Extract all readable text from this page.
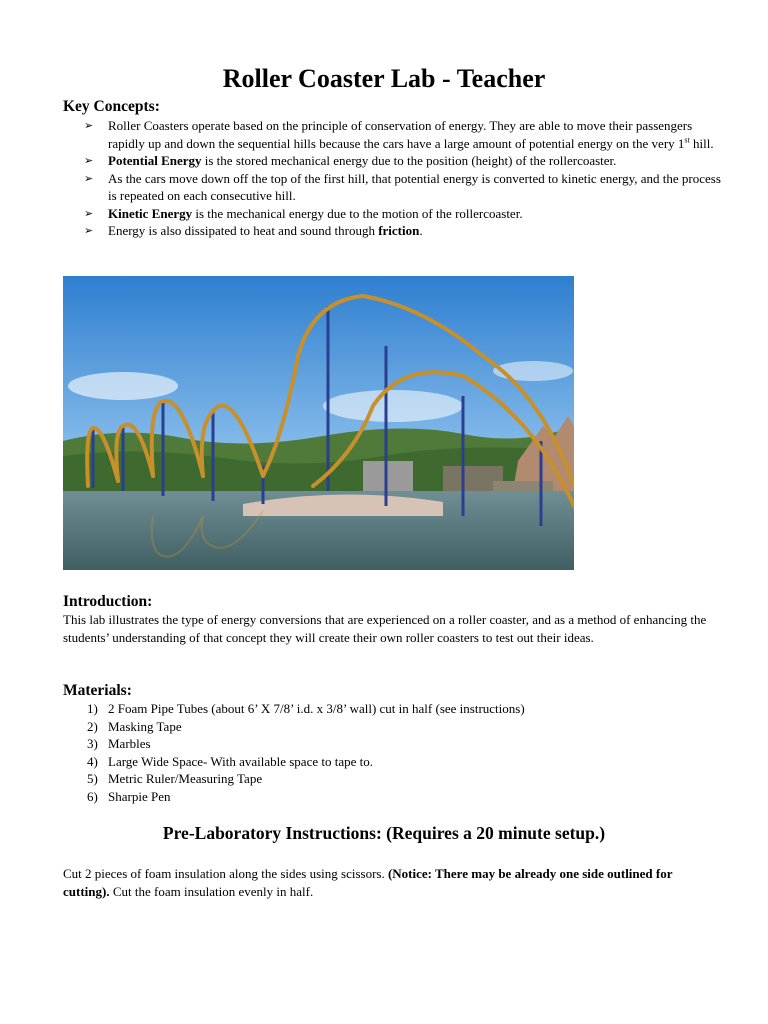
Roller Coaster Lab - Teacher
Key Concepts:
➢ Roller Coasters operate based on the principle of conservation of energy. They are able to move their passengers rapidly up and down the sequential hills because the cars have a large amount of potential energy on the very 1st hill.
➢ Potential Energy is the stored mechanical energy due to the position (height) of the rollercoaster.
➢ As the cars move down off the top of the first hill, that potential energy is converted to kinetic energy, and the process is repeated on each consecutive hill.
➢ Kinetic Energy is the mechanical energy due to the motion of the rollercoaster.
➢ Energy is also dissipated to heat and sound through friction.
Introduction:

This lab illustrates the type of energy conversions that are experienced on a roller coaster, and as a method of enhancing the students’ understanding of that concept they will create their own roller coasters to test out their ideas.

Materials:
1) 2 Foam Pipe Tubes (about 6’ X 7/8’ i.d. x 3/8’ wall) cut in half (see instructions)
2) Masking Tape
3) Marbles
4) Large Wide Space- With available space to tape to.
5) Metric Ruler/Measuring Tape
6) Sharpie Pen
Pre-Laboratory Instructions: (Requires a 20 minute setup.)

Cut 2 pieces of foam insulation along the sides using scissors. (Notice: There may be already one side outlined for cutting). Cut the foam insulation evenly in half.
